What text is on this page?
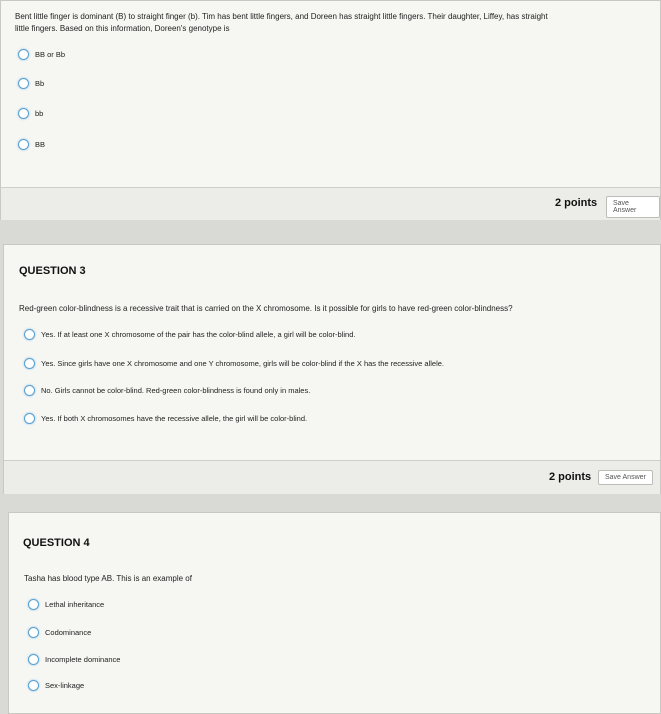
Bent little finger is dominant (B) to straight finger (b). Tim has bent little fingers, and Doreen has straight little fingers. Their daughter, Liffey, has straight
little fingers. Based on this information, Doreen's genotype is
BB or Bb
Bb
bb
BB
2 points	Save Answer
QUESTION 3
Red-green color-blindness is a recessive trait that is carried on the X chromosome. Is it possible for girls to have red-green color-blindness?
Yes. If at least one X chromosome of the pair has the color-blind allele, a girl will be color-blind.
Yes. Since girls have one X chromosome and one Y chromosome, girls will be color-blind if the X has the recessive allele.
No. Girls cannot be color-blind. Red-green color-blindness is found only in males.
Yes. If both X chromosomes have the recessive allele, the girl will be color-blind.
2 points	Save Answer
QUESTION 4
Tasha has blood type AB. This is an example of
Lethal inheritance
Codominance
Incomplete dominance
Sex-linkage
